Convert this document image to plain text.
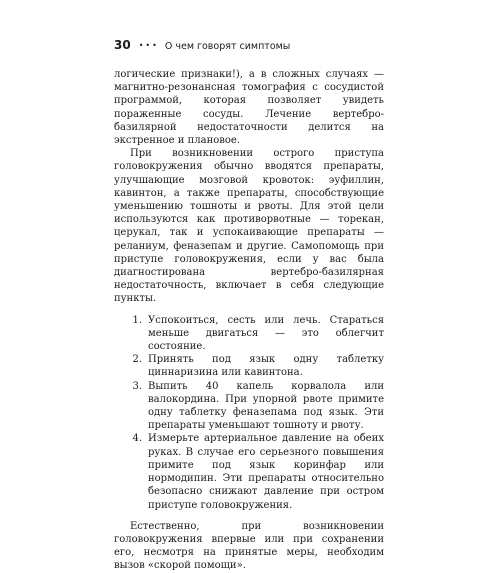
30 ••• О чем говорят симптомы

логические признаки!), а в сложных случаях — магнитно-резонансная томография с сосудистой программой, которая позволяет увидеть пораженные сосуды. Лечение вертебро-базилярной недостаточности делится на экстренное и плановое.

При возникновении острого приступа головокружения обычно вводятся препараты, улучшающие мозговой кровоток: эуфиллин, кавинтон, а также препараты, способствующие уменьшению тошноты и рвоты. Для этой цели используются как противорвотные — торекан, церукал, так и успокаивающие препараты — реланиум, феназепам и другие. Самопомощь при приступе головокружения, если у вас была диагностирована вертебро-базилярная недостаточность, включает в себя следующие пункты.

1. Успокоиться, сесть или лечь. Стараться меньше двигаться — это облегчит состояние.
2. Принять под язык одну таблетку циннаризина или кавинтона.
3. Выпить 40 капель корвалола или валокордина. При упорной рвоте примите одну таблетку феназепама под язык. Эти препараты уменьшают тошноту и рвоту.
4. Измерьте артериальное давление на обеих руках. В случае его серьезного повышения примите под язык коринфар или нормодипин. Эти препараты относительно безопасно снижают давление при остром приступе головокружения.

Естественно, при возникновении головокружения впервые или при сохранении его, несмотря на принятые меры, необходим вызов «скорой помощи».
